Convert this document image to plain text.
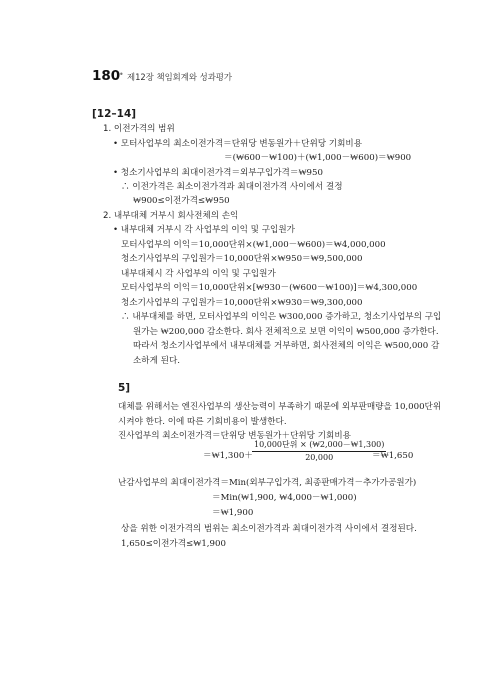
180
• 제12장 책임회계와 성과평가
[12–14]
1. 이전가격의 범위
• 모터사업부의 최소이전가격＝단위당 변동원가＋단위당 기회비용
＝(₩600－₩100)＋(₩1,000－₩600)＝₩900
• 청소기사업부의 최대이전가격＝외부구입가격＝₩950
∴ 이전가격은 최소이전가격과 최대이전가격 사이에서 결정
₩900≤이전가격≤₩950
2. 내부대체 거부시 회사전체의 손익
• 내부대체 거부시 각 사업부의 이익 및 구입원가
모터사업부의 이익＝10,000단위×(₩1,000－₩600)＝₩4,000,000
청소기사업부의 구입원가＝10,000단위×₩950＝₩9,500,000
내부대체시 각 사업부의 이익 및 구입원가
모터사업부의 이익＝10,000단위×[₩930－(₩600－₩100)]＝₩4,300,000
청소기사업부의 구입원가＝10,000단위×₩930＝₩9,300,000
∴ 내부대체를 하면, 모터사업부의 이익은 ₩300,000 증가하고, 청소기사업부의 구입
원가는 ₩200,000 감소한다. 회사 전체적으로 보면 이익이 ₩500,000 증가한다.
따라서 청소기사업부에서 내부대체를 거부하면, 회사전체의 이익은 ₩500,000 감
소하게 된다.
5]
대체를 위해서는 엔진사업부의 생산능력이 부족하기 때문에 외부판매량을 10,000단위
시켜야 한다. 이에 따른 기회비용이 발생한다.
진사업부의 최소이전가격＝단위당 변동원가＋단위당 기회비용
＝₩1,300＋
10,000단위 × (₩2,000－₩1,300)
20,000	＝₩1,650
난감사업부의 최대이전가격＝Min(외부구입가격, 최종판매가격－추가가공원가)
＝Min(₩1,900, ₩4,000－₩1,000)
＝₩1,900
상을 위한 이전가격의 범위는 최소이전가격과 최대이전가격 사이에서 결정된다.
1,650≤이전가격≤₩1,900
